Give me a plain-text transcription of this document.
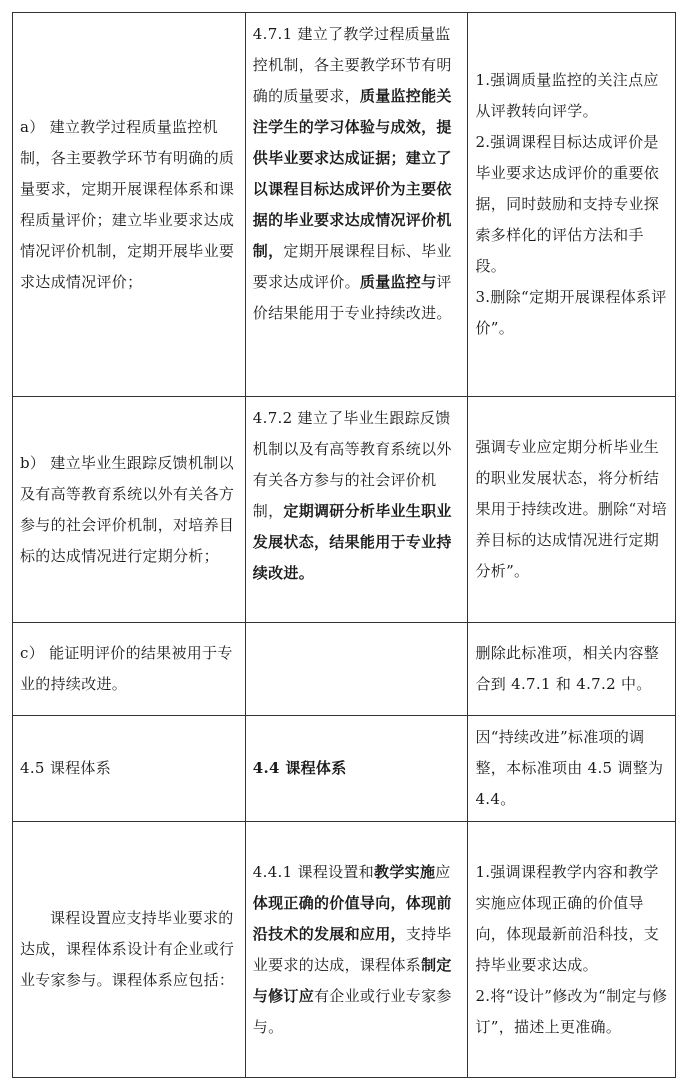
a） 建立教学过程质量监控机制，各主要教学环节有明确的质量要求，定期开展课程体系和课程质量评价；建立毕业要求达成情况评价机制，定期开展毕业要求达成情况评价；	4.7.1 建立了教学过程质量监控机制，各主要教学环节有明确的质量要求，质量监控能关注学生的学习体验与成效，提供毕业要求达成证据；建立了以课程目标达成评价为主要依据的毕业要求达成情况评价机制，定期开展课程目标、毕业要求达成评价。质量监控与评价结果能用于专业持续改进。	1.强调质量监控的关注点应从评教转向评学。
2.强调课程目标达成评价是毕业要求达成评价的重要依据，同时鼓励和支持专业探索多样化的评估方法和手段。
3.删除“定期开展课程体系评价”。

b） 建立毕业生跟踪反馈机制以及有高等教育系统以外有关各方参与的社会评价机制，对培养目标的达成情况进行定期分析；	4.7.2 建立了毕业生跟踪反馈机制以及有高等教育系统以外有关各方参与的社会评价机制，定期调研分析毕业生职业发展状态，结果能用于专业持续改进。	强调专业应定期分析毕业生的职业发展状态，将分析结果用于持续改进。删除“对培养目标的达成情况进行定期分析”。

c） 能证明评价的结果被用于专业的持续改进。		删除此标准项，相关内容整合到 4.7.1 和 4.7.2 中。

4.5 课程体系	4.4 课程体系	因“持续改进”标准项的调整，本标准项由 4.5 调整为 4.4。

课程设置应支持毕业要求的达成，课程体系设计有企业或行业专家参与。课程体系应包括：	4.4.1 课程设置和教学实施应体现正确的价值导向，体现前沿技术的发展和应用，支持毕业要求的达成，课程体系制定与修订应有企业或行业专家参与。	1.强调课程教学内容和教学实施应体现正确的价值导向，体现最新前沿科技，支持毕业要求达成。
2.将“设计”修改为“制定与修订”，描述上更准确。
